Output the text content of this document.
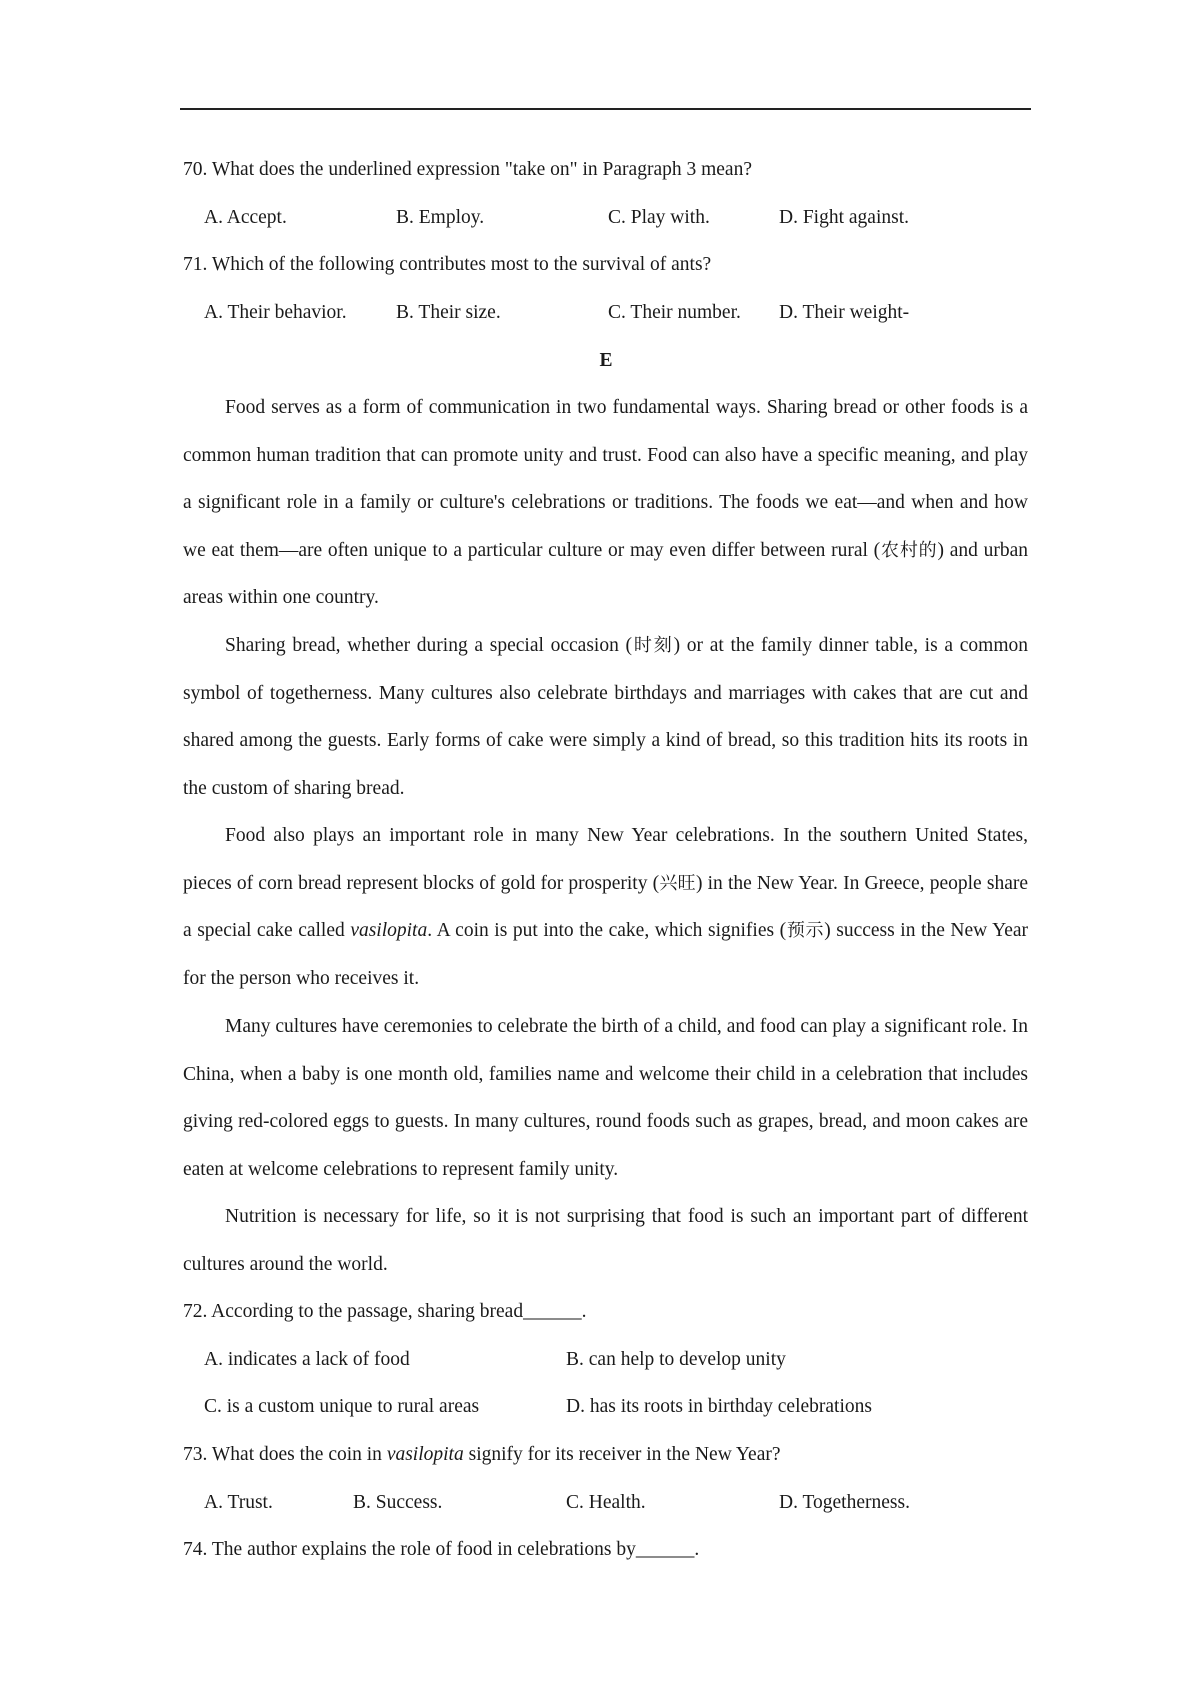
70. What does the underlined expression "take on" in Paragraph 3 mean?
A. Accept.	B. Employ.	C. Play with.	D. Fight against.
71. Which of the following contributes most to the survival of ants?
A. Their behavior.	B. Their size.	C. Their number. D. Their weight-
E

Food serves as a form of communication in two fundamental ways. Sharing bread or other foods is a common human tradition that can promote unity and trust. Food can also have a specific meaning, and play a significant role in a family or culture's celebrations or traditions. The foods we eat—and when and how we eat them—are often unique to a particular culture or may even differ between rural (农村的) and urban areas within one country.

Sharing bread, whether during a special occasion (时刻) or at the family dinner table, is a common symbol of togetherness. Many cultures also celebrate birthdays and marriages with cakes that are cut and shared among the guests. Early forms of cake were simply a kind of bread, so this tradition hits its roots in the custom of sharing bread.

Food also plays an important role in many New Year celebrations. In the southern United States, pieces of corn bread represent blocks of gold for prosperity (兴旺) in the New Year. In Greece, people share a special cake called vasilopita. A coin is put into the cake, which signifies (预示) success in the New Year for the person who receives it.

Many cultures have ceremonies to celebrate the birth of a child, and food can play a significant role. In China, when a baby is one month old, families name and welcome their child in a celebration that includes giving red-colored eggs to guests. In many cultures, round foods such as grapes, bread, and moon cakes are eaten at welcome celebrations to represent family unity.

Nutrition is necessary for life, so it is not surprising that food is such an important part of different cultures around the world.

72. According to the passage, sharing bread______.
A. indicates a lack of food	B. can help to develop unity
C. is a custom unique to rural areas	D. has its roots in birthday celebrations
73. What does the coin in vasilopita signify for its receiver in the New Year?
A. Trust.	B. Success.	C. Health.	D. Togetherness.
74. The author explains the role of food in celebrations by______.
